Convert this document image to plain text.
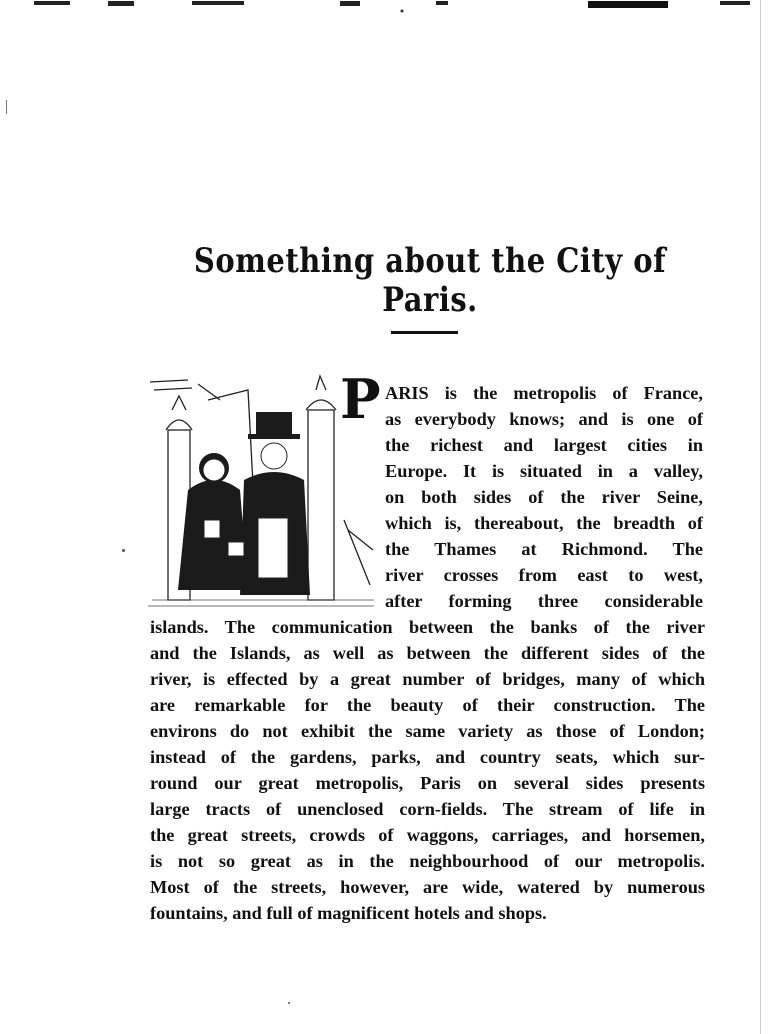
Something about the City of Paris.
P ARIS is the metropolis of France,

as everybody knows; and is one of

the richest and largest cities in

Europe. It is situated in a valley,

on both sides of the river Seine,

which is, thereabout, the breadth of

the Thames at Richmond. The

river crosses from east to west,

after forming three considerable

islands. The communication between the banks of the river

and the Islands, as well as between the different sides of the

river, is effected by a great number of bridges, many of which

are remarkable for the beauty of their construction. The

environs do not exhibit the same variety as those of London;

instead of the gardens, parks, and country seats, which sur-

round our great metropolis, Paris on several sides presents

large tracts of unenclosed corn-fields. The stream of life in

the great streets, crowds of waggons, carriages, and horsemen,

is not so great as in the neighbourhood of our metropolis.

Most of the streets, however, are wide, watered by numerous

fountains, and full of magnificent hotels and shops.
